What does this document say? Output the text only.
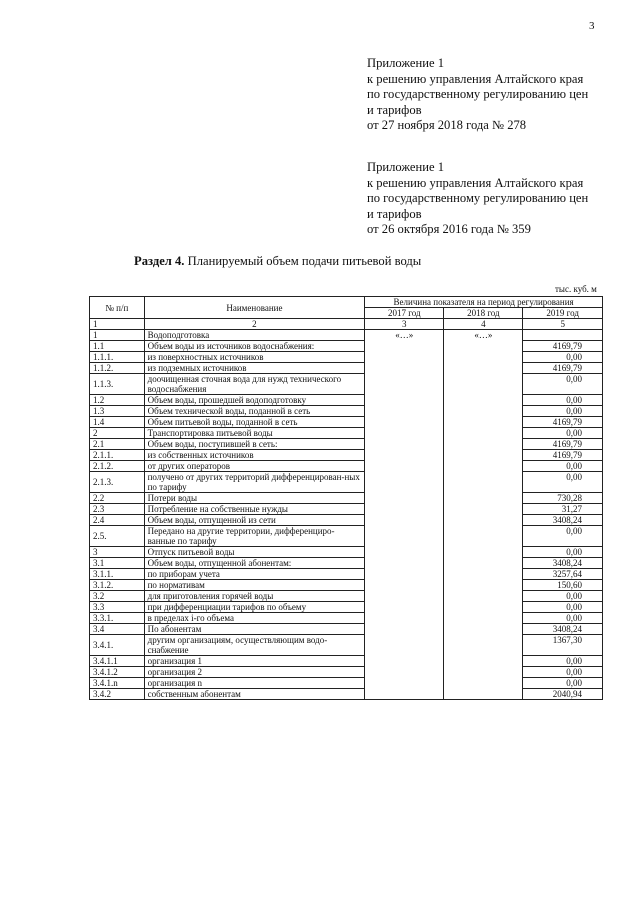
3
Приложение 1
к решению управления Алтайского края
по государственному регулированию цен
и тарифов
от 27 ноября 2018 года № 278
Приложение 1
к решению управления Алтайского края
по государственному регулированию цен
и тарифов
от 26 октября 2016 года № 359
Раздел 4. Планируемый объем подачи питьевой воды
тыс. куб. м
№ п/п	Наименование	Величина показателя на период регулирования		
		2017 год	2018 год	2019 год
1	2	3	4	5
1	Водоподготовка	«…»	«…»	
1.1	Объем воды из источников водоснабжения:			4169,79
1.1.1.	из поверхностных источников			0,00
1.1.2.	из подземных источников			4169,79
1.1.3.	доочищенная сточная вода для нужд технического водоснабжения			0,00
1.2	Объем воды, прошедшей водоподготовку			0,00
1.3	Объем технической воды, поданной в сеть			0,00
1.4	Объем питьевой воды, поданной в сеть			4169,79
2	Транспортировка питьевой воды			0,00
2.1	Объем воды, поступившей в сеть:			4169,79
2.1.1.	из собственных источников			4169,79
2.1.2.	от других операторов			0,00
2.1.3.	получено от других территорий дифференцирован-ных по тарифу			0,00
2.2	Потери воды			730,28
2.3	Потребление на собственные нужды			31,27
2.4	Объем воды, отпущенной из сети			3408,24
2.5.	Передано на другие территории, дифференциро-ванные по тарифу			0,00
3	Отпуск питьевой воды			0,00
3.1	Объем воды, отпущенной абонентам:			3408,24
3.1.1.	по приборам учета			3257,64
3.1.2.	по нормативам			150,60
3.2	для приготовления горячей воды			0,00
3.3	при дифференциации тарифов по объему			0,00
3.3.1.	в пределах i-го объема			0,00
3.4	По абонентам			3408,24
3.4.1.	другим организациям, осуществляющим водо-снабжение			1367,30
3.4.1.1	организация 1			0,00
3.4.1.2	организация 2			0,00
3.4.1.n	организация n			0,00
3.4.2	собственным абонентам			2040,94
